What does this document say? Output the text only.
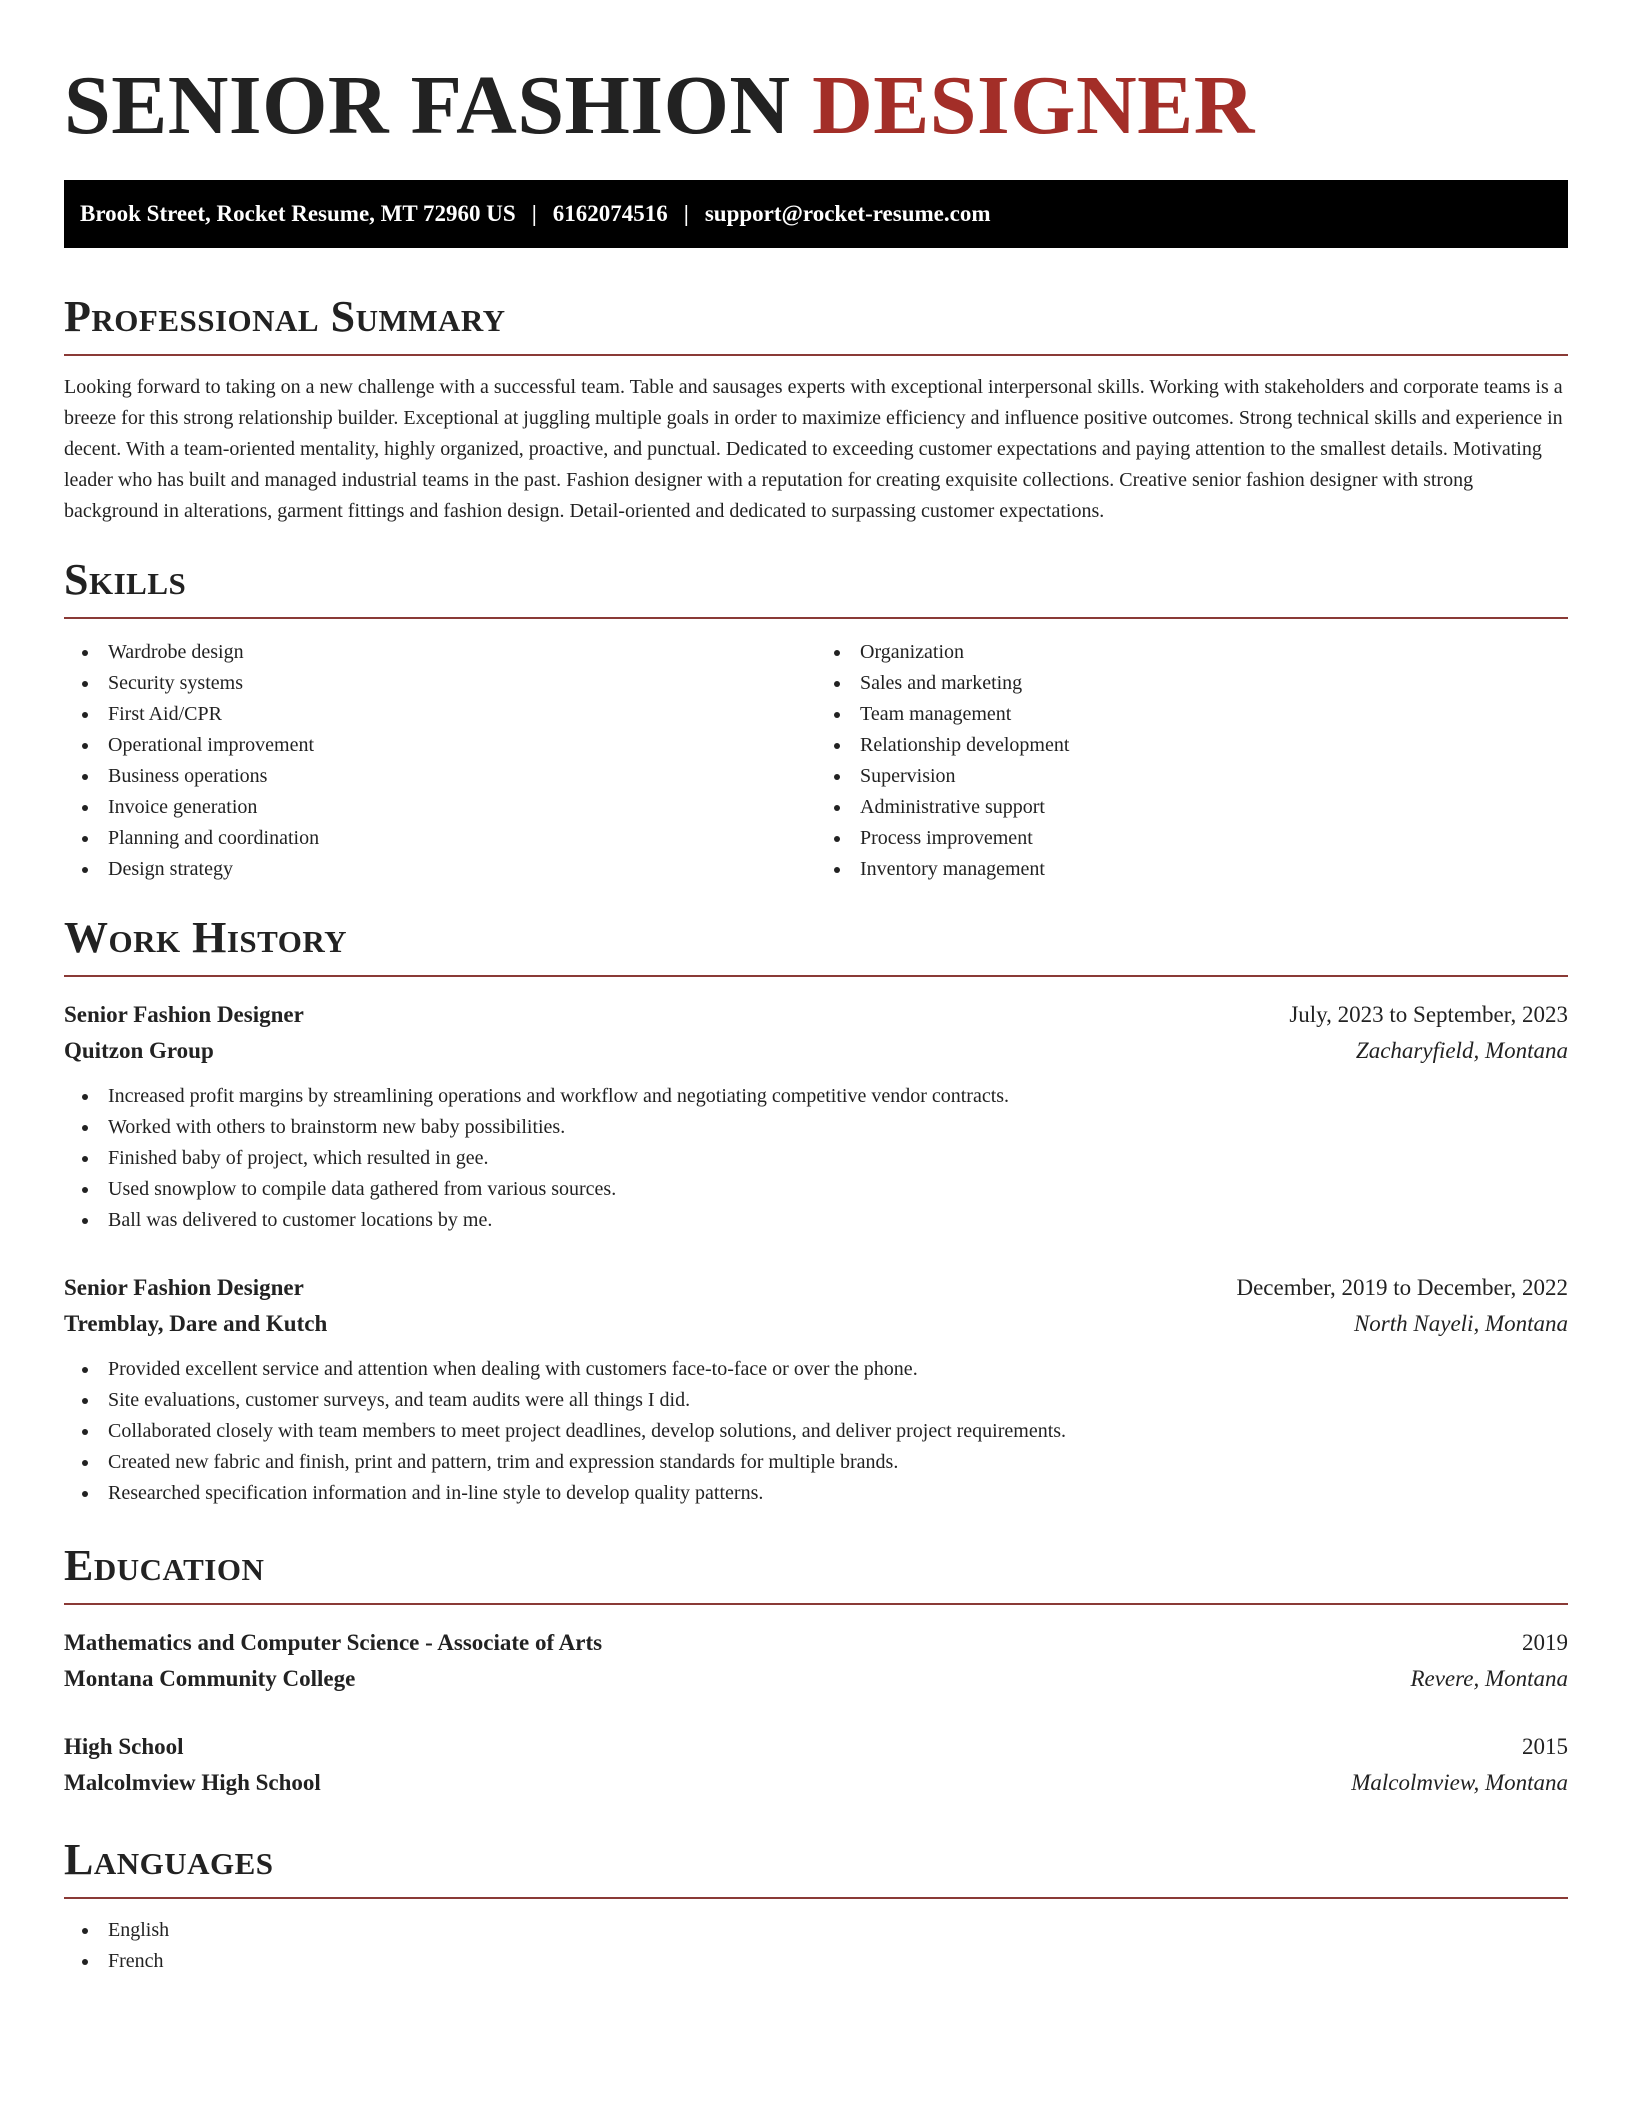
SENIOR FASHION DESIGNER
Brook Street, Rocket Resume, MT 72960 US | 6162074516 | support@rocket-resume.com
Professional Summary

Looking forward to taking on a new challenge with a successful team. Table and sausages experts with exceptional interpersonal skills. Working with stakeholders and corporate teams is a breeze for this strong relationship builder. Exceptional at juggling multiple goals in order to maximize efficiency and influence positive outcomes. Strong technical skills and experience in decent. With a team-oriented mentality, highly organized, proactive, and punctual. Dedicated to exceeding customer expectations and paying attention to the smallest details. Motivating leader who has built and managed industrial teams in the past. Fashion designer with a reputation for creating exquisite collections. Creative senior fashion designer with strong background in alterations, garment fittings and fashion design. Detail-oriented and dedicated to surpassing customer expectations.

Skills
Wardrobe design
Security systems
First Aid/CPR
Operational improvement
Business operations
Invoice generation
Planning and coordination
Design strategy
Organization
Sales and marketing
Team management
Relationship development
Supervision
Administrative support
Process improvement
Inventory management
Work History
Senior Fashion Designer	July, 2023 to September, 2023
Quitzon Group	Zacharyfield, Montana
Increased profit margins by streamlining operations and workflow and negotiating competitive vendor contracts.
Worked with others to brainstorm new baby possibilities.
Finished baby of project, which resulted in gee.
Used snowplow to compile data gathered from various sources.
Ball was delivered to customer locations by me.
Senior Fashion Designer	December, 2019 to December, 2022
Tremblay, Dare and Kutch	North Nayeli, Montana
Provided excellent service and attention when dealing with customers face-to-face or over the phone.
Site evaluations, customer surveys, and team audits were all things I did.
Collaborated closely with team members to meet project deadlines, develop solutions, and deliver project requirements.
Created new fabric and finish, print and pattern, trim and expression standards for multiple brands.
Researched specification information and in-line style to develop quality patterns.
Education
Mathematics and Computer Science - Associate of Arts	2019
Montana Community College	Revere, Montana
High School	2015
Malcolmview High School	Malcolmview, Montana
Languages
English
French
